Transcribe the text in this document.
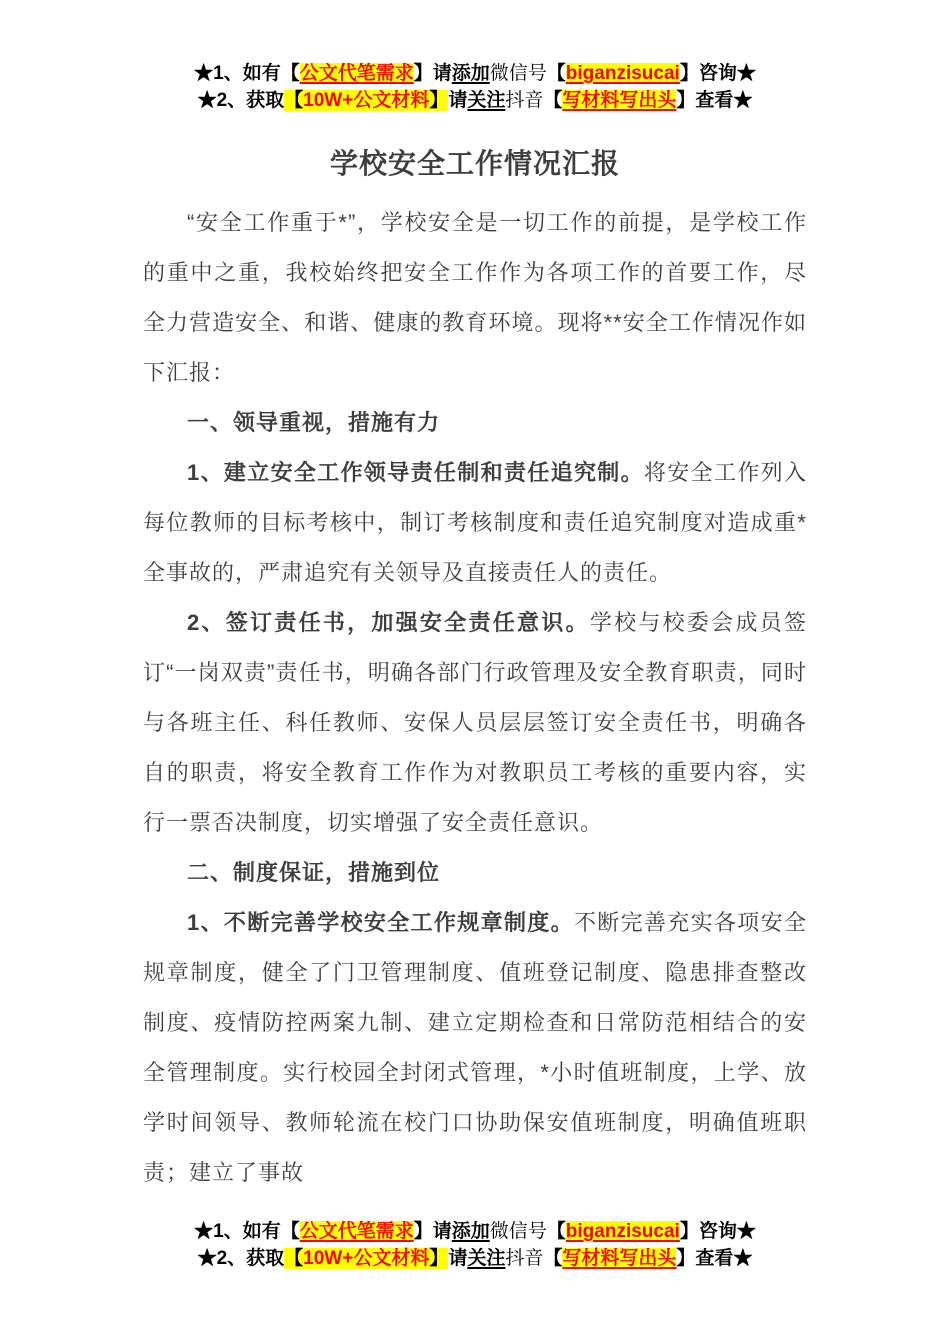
★1、如有【公文代笔需求】请添加微信号【biganzisucai】咨询★
★2、获取【10W+公文材料】请关注抖音【写材料写出头】查看★
学校安全工作情况汇报

“安全工作重于*”，学校安全是一切工作的前提，是学校工作的重中之重，我校始终把安全工作作为各项工作的首要工作，尽全力营造安全、和谐、健康的教育环境。现将**安全工作情况作如下汇报：

一、领导重视，措施有力

1、建立安全工作领导责任制和责任追究制。将安全工作列入每位教师的目标考核中，制订考核制度和责任追究制度对造成重*全事故的，严肃追究有关领导及直接责任人的责任。

2、签订责任书，加强安全责任意识。学校与校委会成员签订“一岗双责”责任书，明确各部门行政管理及安全教育职责，同时与各班主任、科任教师、安保人员层层签订安全责任书，明确各自的职责，将安全教育工作作为对教职员工考核的重要内容，实行一票否决制度，切实增强了安全责任意识。

二、制度保证，措施到位

1、不断完善学校安全工作规章制度。不断完善充实各项安全规章制度，健全了门卫管理制度、值班登记制度、隐患排查整改制度、疫情防控两案九制、建立定期检查和日常防范相结合的安全管理制度。实行校园全封闭式管理，*小时值班制度，上学、放学时间领导、教师轮流在校门口协助保安值班制度，明确值班职责；建立了事故

★1、如有【公文代笔需求】请添加微信号【biganzisucai】咨询★
★2、获取【10W+公文材料】请关注抖音【写材料写出头】查看★
